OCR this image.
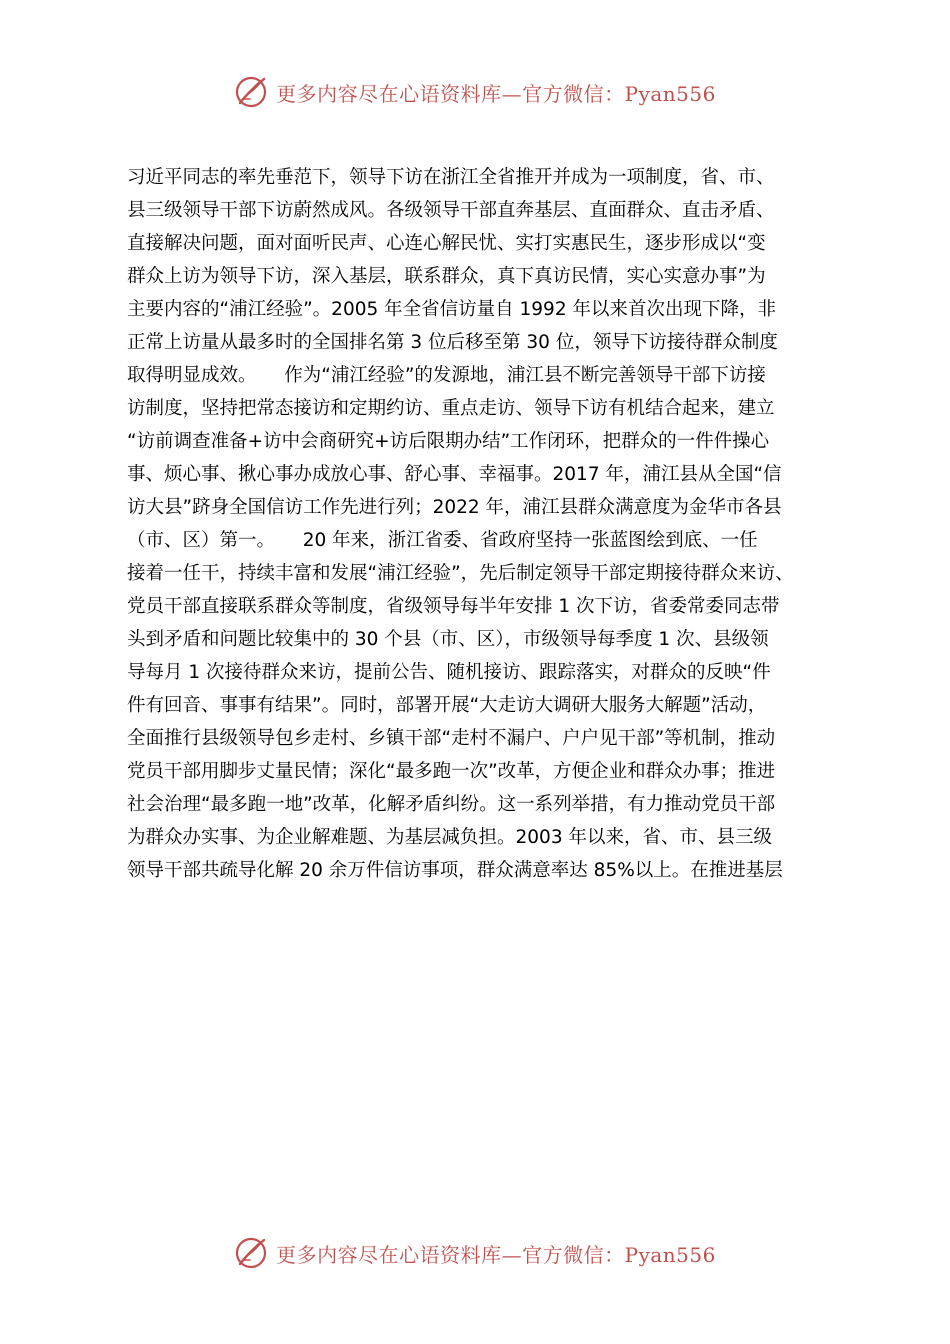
更多内容尽在心语资料库—官方微信：Pyan556
习近平同志的率先垂范下，领导下访在浙江全省推开并成为一项制度，省、市、
县三级领导干部下访蔚然成风。各级领导干部直奔基层、直面群众、直击矛盾、
直接解决问题，面对面听民声、心连心解民忧、实打实惠民生，逐步形成以“变
群众上访为领导下访，深入基层，联系群众，真下真访民情，实心实意办事”为
主要内容的“浦江经验”。2005 年全省信访量自 1992 年以来首次出现下降，非
正常上访量从最多时的全国排名第 3 位后移至第 30 位，领导下访接待群众制度
取得明显成效。　　作为“浦江经验”的发源地，浦江县不断完善领导干部下访接
访制度，坚持把常态接访和定期约访、重点走访、领导下访有机结合起来，建立
“访前调查准备+访中会商研究+访后限期办结”工作闭环，把群众的一件件操心
事、烦心事、揪心事办成放心事、舒心事、幸福事。2017 年，浦江县从全国“信
访大县”跻身全国信访工作先进行列；2022 年，浦江县群众满意度为金华市各县
（市、区）第一。　　20 年来，浙江省委、省政府坚持一张蓝图绘到底、一任
接着一任干，持续丰富和发展“浦江经验”，先后制定领导干部定期接待群众来访、
党员干部直接联系群众等制度，省级领导每半年安排 1 次下访，省委常委同志带
头到矛盾和问题比较集中的 30 个县（市、区），市级领导每季度 1 次、县级领
导每月 1 次接待群众来访，提前公告、随机接访、跟踪落实，对群众的反映“件
件有回音、事事有结果”。同时，部署开展“大走访大调研大服务大解题”活动，
全面推行县级领导包乡走村、乡镇干部“走村不漏户、户户见干部”等机制，推动
党员干部用脚步丈量民情；深化“最多跑一次”改革，方便企业和群众办事；推进
社会治理“最多跑一地”改革，化解矛盾纠纷。这一系列举措，有力推动党员干部
为群众办实事、为企业解难题、为基层减负担。2003 年以来，省、市、县三级
领导干部共疏导化解 20 余万件信访事项，群众满意率达 85%以上。在推进基层
更多内容尽在心语资料库—官方微信：Pyan556
